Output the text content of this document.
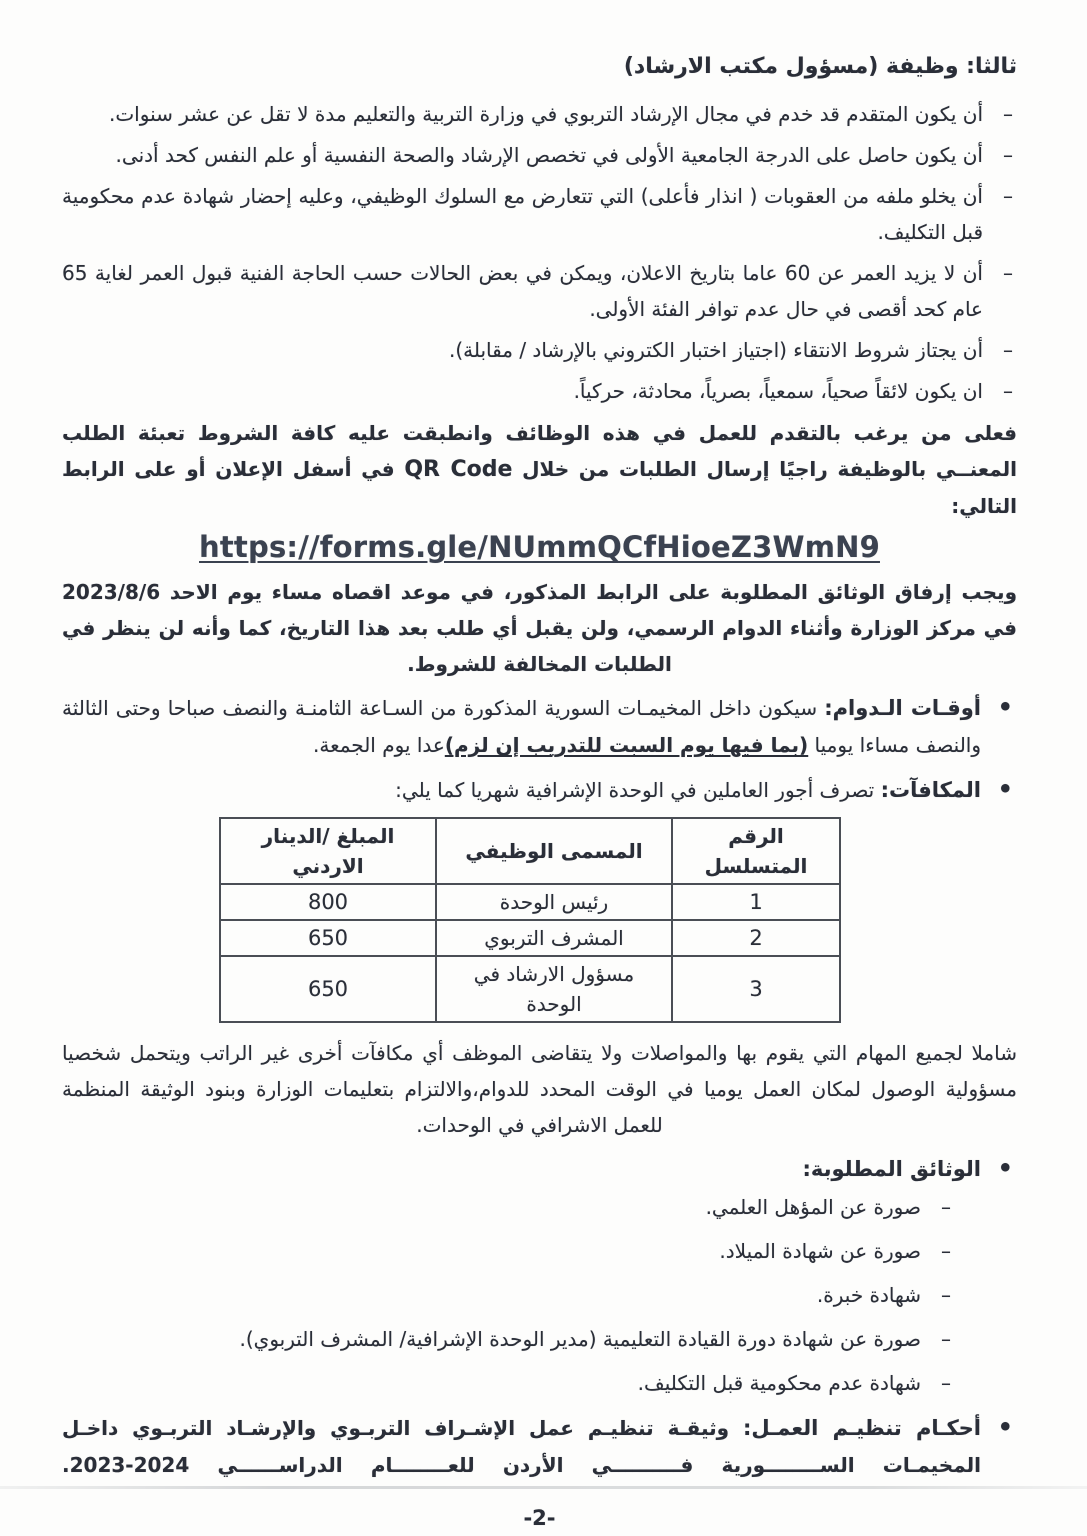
ثالثا: وظيفة (مسؤول مكتب الارشاد)
–
أن يكون المتقدم قد خدم في مجال الإرشاد التربوي في وزارة التربية والتعليم مدة لا تقل عن عشر سنوات.
–
أن يكون حاصل على الدرجة الجامعية الأولى في تخصص الإرشاد والصحة النفسية أو علم النفس كحد أدنى.
–
أن يخلو ملفه من العقوبات ( انذار فأعلى) التي تتعارض مع السلوك الوظيفي، وعليه إحضار شهادة عدم محكومية قبل التكليف.
–
أن لا يزيد العمر عن 60 عاما بتاريخ الاعلان، ويمكن في بعض الحالات حسب الحاجة الفنية قبول العمر لغاية 65 عام كحد أقصى في حال عدم توافر الفئة الأولى.
–
أن يجتاز شروط الانتقاء (اجتياز اختبار الكتروني بالإرشاد / مقابلة).
–
ان يكون لائقاً صحياً، سمعياً، بصرياً، محادثة، حركياً.

فعلى من يرغب بالتقدم للعمل في هذه الوظائف وانطبقت عليه كافة الشروط تعبئة الطلب المعنــي بالوظيفة راجيًا إرسال الطلبات من خلال QR Code في أسفل الإعلان أو على الرابط التالي:

https://forms.gle/NUmmQCfHioeZ3WmN9

ويجب إرفاق الوثائق المطلوبة على الرابط المذكور، في موعد اقصاه مساء يوم الاحد 2023/8/6 في مركز الوزارة وأثناء الدوام الرسمي، ولن يقبل أي طلب بعد هذا التاريخ، كما وأنه لن ينظر في الطلبات المخالفة للشروط.

•
أوقـات الـدوام: سيكون داخل المخيمـات السورية المذكورة من السـاعة الثامنـة والنصف صباحا وحتى الثالثة والنصف مساءا يوميا (بما فيها يوم السبت للتدريب إن لزم)عدا يوم الجمعة.
•
المكافآت: تصرف أجور العاملين في الوحدة الإشرافية شهريا كما يلي:
الرقم المتسلسل	المسمى الوظيفي	المبلغ /الدينار الاردني
1	رئيس الوحدة	800
2	المشرف التربوي	650
3	مسؤول الارشاد في الوحدة	650

شاملا لجميع المهام التي يقوم بها والمواصلات ولا يتقاضى الموظف أي مكافآت أخرى غير الراتب ويتحمل شخصيا مسؤولية الوصول لمكان العمل يوميا في الوقت المحدد للدوام،والالتزام بتعليمات الوزارة وبنود الوثيقة المنظمة للعمل الاشرافي في الوحدات.

•
الوثائق المطلوبة:
–
صورة عن المؤهل العلمي.
–
صورة عن شهادة الميلاد.
–
شهادة خبرة.
–
صورة عن شهادة دورة القيادة التعليمية (مدير الوحدة الإشرافية/ المشرف التربوي).
–
شهادة عدم محكومية قبل التكليف.
•
أحكـام تنظيـم العمـل: وثيقـة تنظيـم عمل الإشـراف التربـوي والإرشـاد التربـوي داخـل المخيمـات الســــــــورية فــــــــــي الأردن للعــــــــام الدراســــــي 2024-2023.
-2-
